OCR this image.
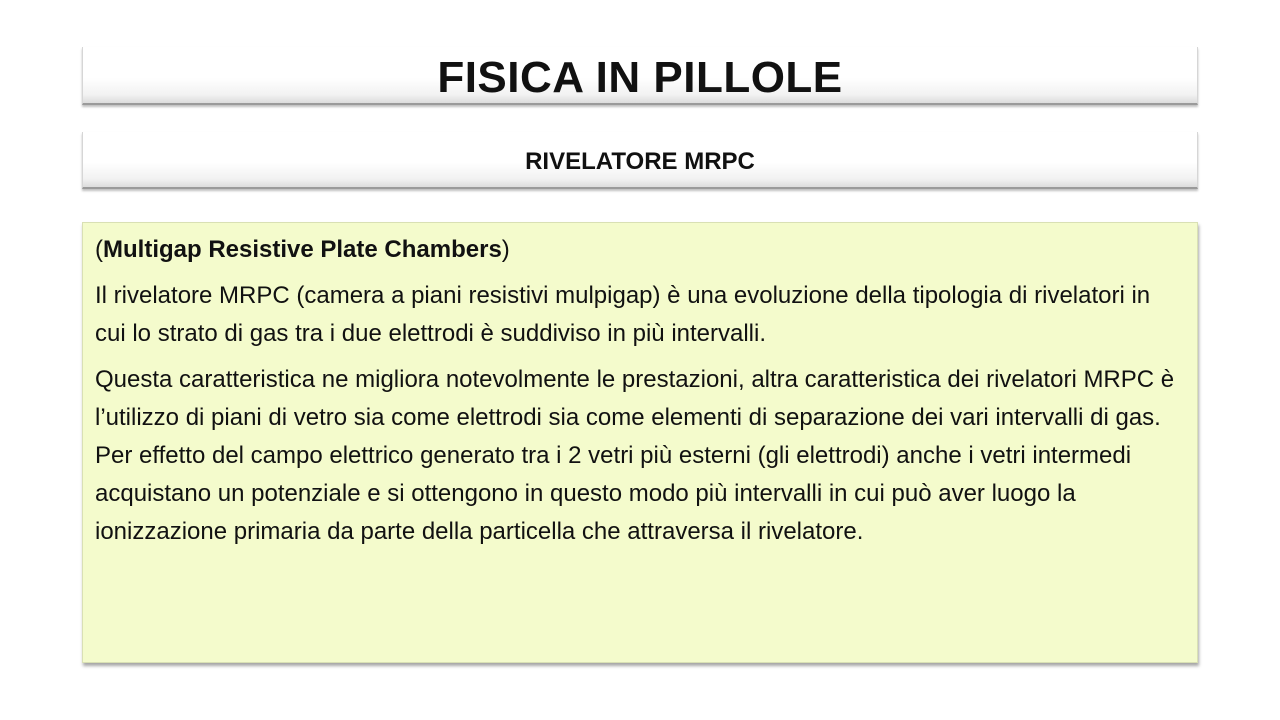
FISICA IN PILLOLE
RIVELATORE MRPC

(Multigap Resistive Plate Chambers)

Il rivelatore MRPC (camera a piani resistivi mulpigap) è una evoluzione della tipologia di rivelatori in cui lo strato di gas tra i due elettrodi è suddiviso in più intervalli.

Questa caratteristica ne migliora notevolmente le prestazioni, altra caratteristica dei rivelatori MRPC è l’utilizzo di piani di vetro sia come elettrodi sia come elementi di separazione dei vari intervalli di gas. Per effetto del campo elettrico generato tra i 2 vetri più esterni (gli elettrodi) anche i vetri intermedi acquistano un potenziale e si ottengono in questo modo più intervalli in cui può aver luogo la ionizzazione primaria da parte della particella che attraversa il rivelatore.
